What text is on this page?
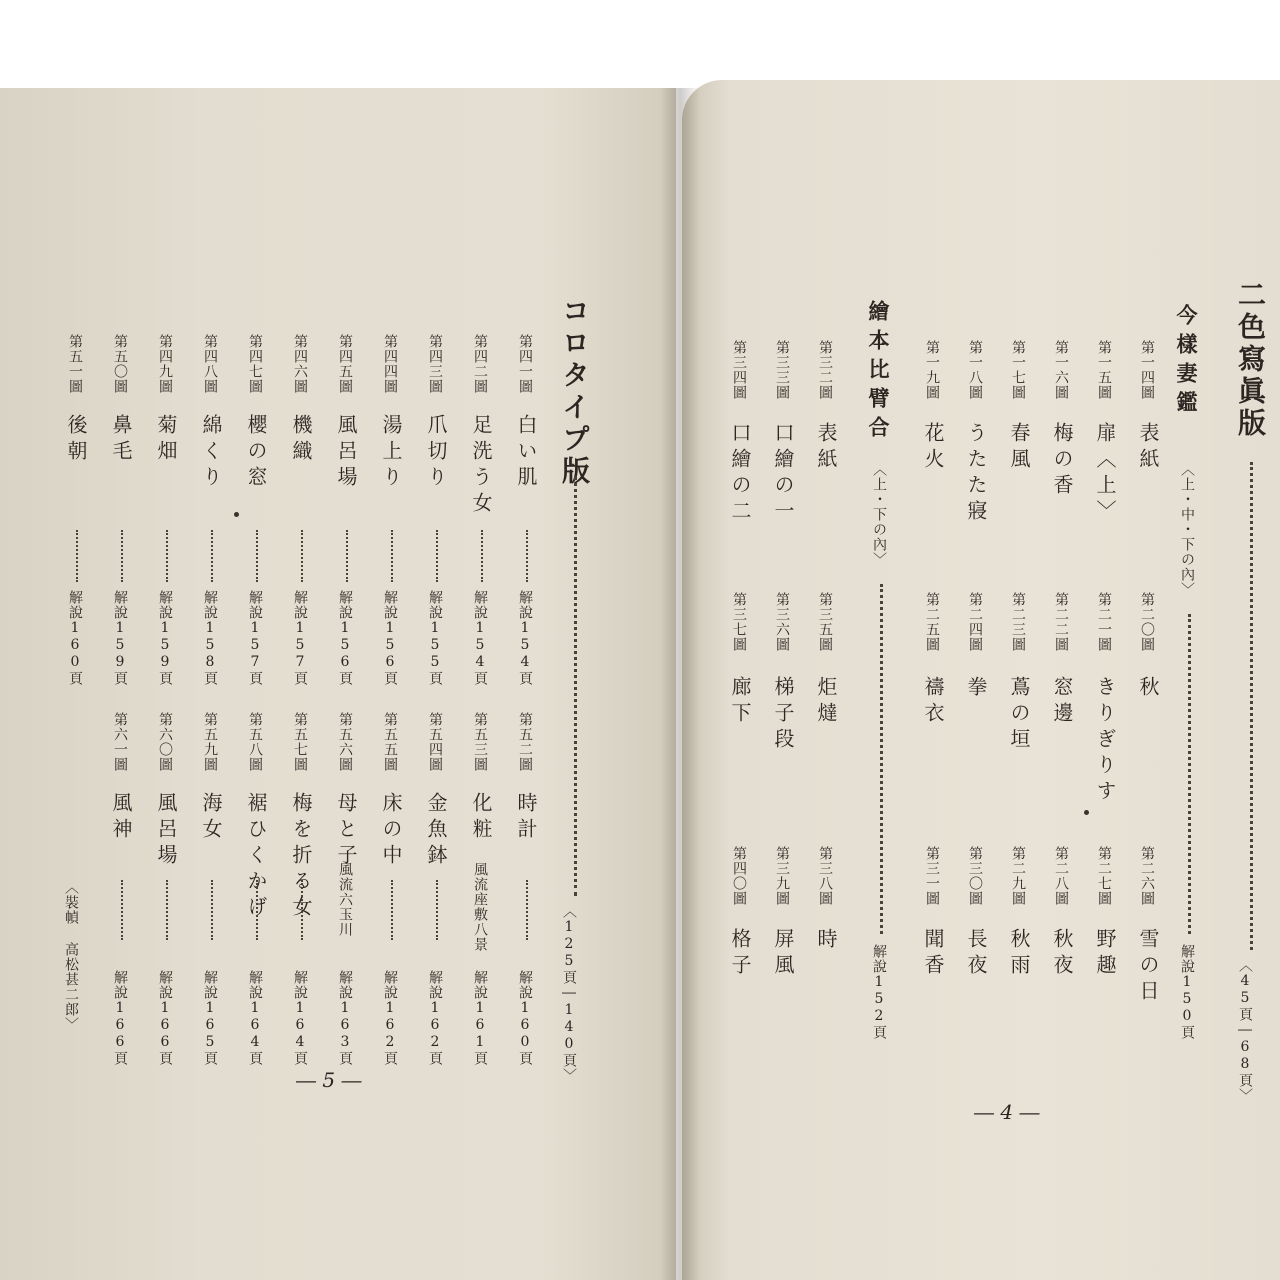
コロタイプ版
〈125頁―140頁〉
第四一圖
白い肌
解說154頁
第四二圖
足洗う女
解說154頁
第四三圖
爪切り
解說155頁
第四四圖
湯上り
解說156頁
第四五圖
風呂場
解說156頁
第四六圖
機織
解說157頁
第四七圖
櫻の窓
解說157頁
第四八圖
綿くり
解說158頁
第四九圖
菊畑
解說159頁
第五〇圖
鼻毛
解說159頁
第五一圖
後朝
解說160頁
第五二圖
時計
解說160頁
第五三圖
化粧
風流座敷八景
解說161頁
第五四圖
金魚鉢
解說162頁
第五五圖
床の中
解說162頁
第五六圖
母と子
風流六玉川
解說163頁
第五七圖
梅を折る女
解說164頁
第五八圖
裾ひくかげ
解說164頁
第五九圖
海女
解說165頁
第六〇圖
風呂場
解說166頁
第六一圖
風神
解說166頁
〈裝幀 高松甚二郎〉
― 5 ―
二色寫眞版
〈45頁―68頁〉
今樣妻鑑
〈上・中・下の內〉
解說150頁
第一四圖
表紙
第二〇圖
秋
第二六圖
雪の日
第一五圖
扉〈上〉
第二一圖
きりぎりす
第二七圖
野趣
第一六圖
梅の香
第二二圖
窓邊
第二八圖
秋夜
第一七圖
春風
第二三圖
蔦の垣
第二九圖
秋雨
第一八圖
うたた寢
第二四圖
拳
第三〇圖
長夜
第一九圖
花火
第二五圖
禱衣
第三一圖
聞香
繪本比臂合
〈上・下の內〉
解說152頁
第三二圖
表紙
第三五圖
炬燵
第三八圖
時
第三三圖
口繪の一
第三六圖
梯子段
第三九圖
屏風
第三四圖
口繪の二
第三七圖
廊下
第四〇圖
格子
― 4 ―
